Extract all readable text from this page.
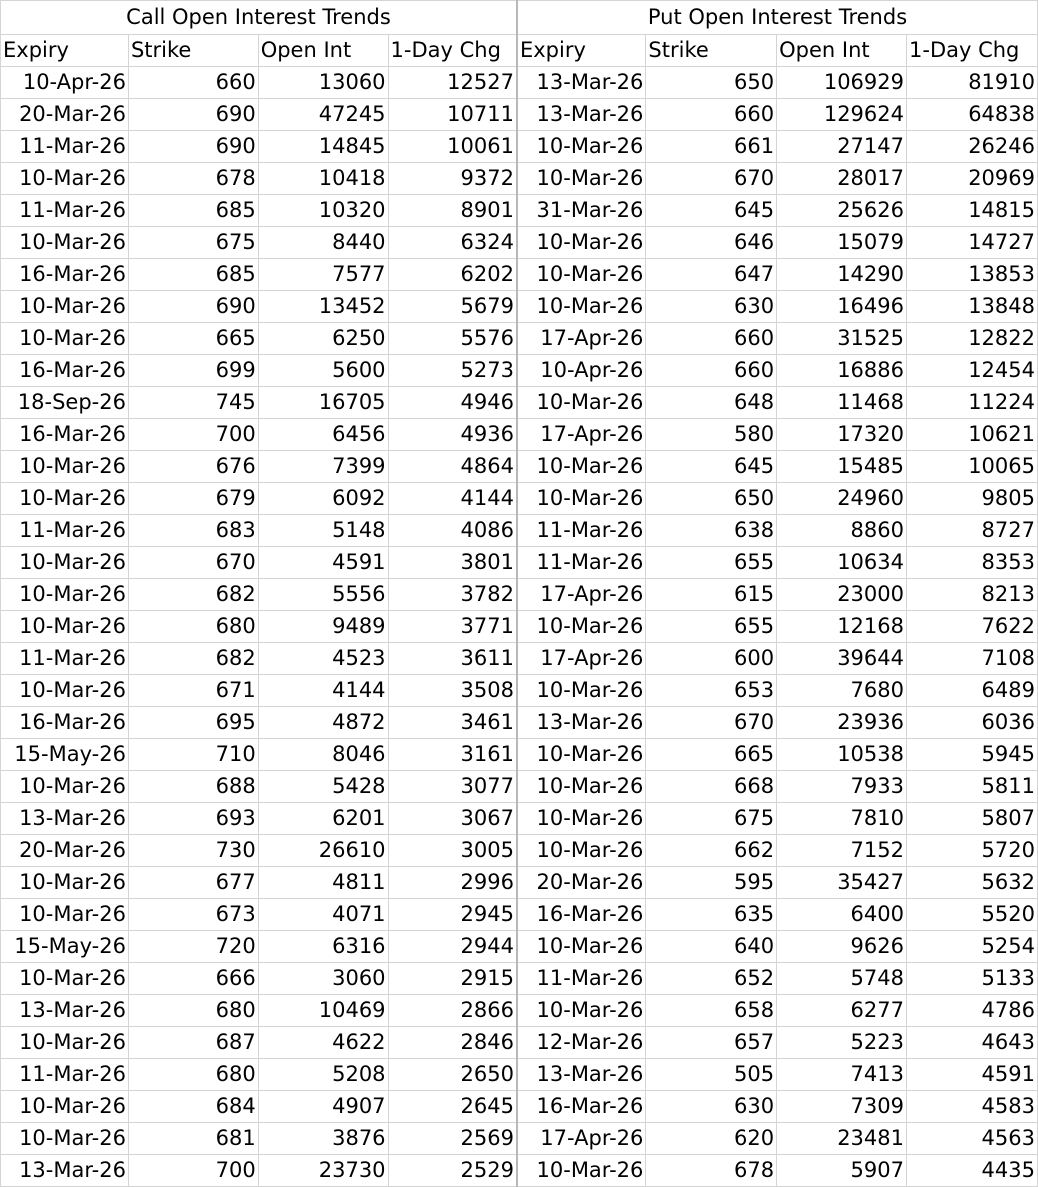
Call Open Interest Trends				Put Open Interest Trends			
Expiry	Strike	Open Int	1-Day Chg	Expiry	Strike	Open Int	1-Day Chg
10-Apr-26	660	13060	12527	13-Mar-26	650	106929	81910
20-Mar-26	690	47245	10711	13-Mar-26	660	129624	64838
11-Mar-26	690	14845	10061	10-Mar-26	661	27147	26246
10-Mar-26	678	10418	9372	10-Mar-26	670	28017	20969
11-Mar-26	685	10320	8901	31-Mar-26	645	25626	14815
10-Mar-26	675	8440	6324	10-Mar-26	646	15079	14727
16-Mar-26	685	7577	6202	10-Mar-26	647	14290	13853
10-Mar-26	690	13452	5679	10-Mar-26	630	16496	13848
10-Mar-26	665	6250	5576	17-Apr-26	660	31525	12822
16-Mar-26	699	5600	5273	10-Apr-26	660	16886	12454
18-Sep-26	745	16705	4946	10-Mar-26	648	11468	11224
16-Mar-26	700	6456	4936	17-Apr-26	580	17320	10621
10-Mar-26	676	7399	4864	10-Mar-26	645	15485	10065
10-Mar-26	679	6092	4144	10-Mar-26	650	24960	9805
11-Mar-26	683	5148	4086	11-Mar-26	638	8860	8727
10-Mar-26	670	4591	3801	11-Mar-26	655	10634	8353
10-Mar-26	682	5556	3782	17-Apr-26	615	23000	8213
10-Mar-26	680	9489	3771	10-Mar-26	655	12168	7622
11-Mar-26	682	4523	3611	17-Apr-26	600	39644	7108
10-Mar-26	671	4144	3508	10-Mar-26	653	7680	6489
16-Mar-26	695	4872	3461	13-Mar-26	670	23936	6036
15-May-26	710	8046	3161	10-Mar-26	665	10538	5945
10-Mar-26	688	5428	3077	10-Mar-26	668	7933	5811
13-Mar-26	693	6201	3067	10-Mar-26	675	7810	5807
20-Mar-26	730	26610	3005	10-Mar-26	662	7152	5720
10-Mar-26	677	4811	2996	20-Mar-26	595	35427	5632
10-Mar-26	673	4071	2945	16-Mar-26	635	6400	5520
15-May-26	720	6316	2944	10-Mar-26	640	9626	5254
10-Mar-26	666	3060	2915	11-Mar-26	652	5748	5133
13-Mar-26	680	10469	2866	10-Mar-26	658	6277	4786
10-Mar-26	687	4622	2846	12-Mar-26	657	5223	4643
11-Mar-26	680	5208	2650	13-Mar-26	505	7413	4591
10-Mar-26	684	4907	2645	16-Mar-26	630	7309	4583
10-Mar-26	681	3876	2569	17-Apr-26	620	23481	4563
13-Mar-26	700	23730	2529	10-Mar-26	678	5907	4435
